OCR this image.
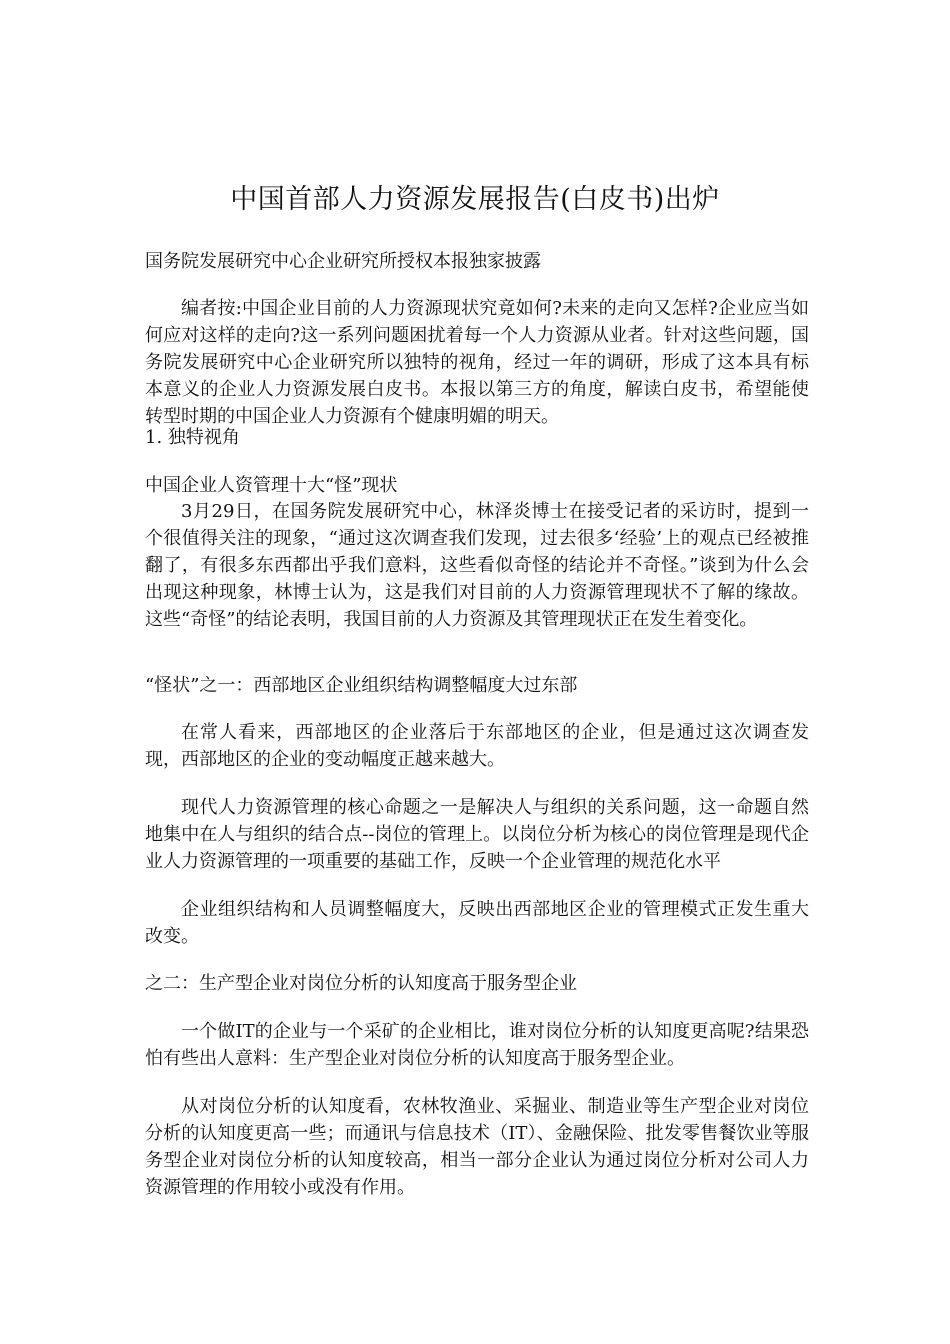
中国首部人力资源发展报告(白皮书)出炉
国务院发展研究中心企业研究所授权本报独家披露
编者按:中国企业目前的人力资源现状究竟如何?未来的走向又怎样?企业应当如何应对这样的走向?这一系列问题困扰着每一个人力资源从业者。针对这些问题，国务院发展研究中心企业研究所以独特的视角，经过一年的调研，形成了这本具有标本意义的企业人力资源发展白皮书。本报以第三方的角度，解读白皮书，希望能使转型时期的中国企业人力资源有个健康明媚的明天。
1. 独特视角
中国企业人资管理十大“怪”现状
3月29日，在国务院发展研究中心，林泽炎博士在接受记者的采访时，提到一个很值得关注的现象，“通过这次调查我们发现，过去很多‘经验’上的观点已经被推翻了，有很多东西都出乎我们意料，这些看似奇怪的结论并不奇怪。”谈到为什么会出现这种现象，林博士认为，这是我们对目前的人力资源管理现状不了解的缘故。这些“奇怪”的结论表明，我国目前的人力资源及其管理现状正在发生着变化。
“怪状”之一：西部地区企业组织结构调整幅度大过东部
在常人看来，西部地区的企业落后于东部地区的企业，但是通过这次调查发现，西部地区的企业的变动幅度正越来越大。
现代人力资源管理的核心命题之一是解决人与组织的关系问题，这一命题自然地集中在人与组织的结合点--岗位的管理上。以岗位分析为核心的岗位管理是现代企业人力资源管理的一项重要的基础工作，反映一个企业管理的规范化水平
企业组织结构和人员调整幅度大，反映出西部地区企业的管理模式正发生重大改变。
之二：生产型企业对岗位分析的认知度高于服务型企业
一个做IT的企业与一个采矿的企业相比，谁对岗位分析的认知度更高呢?结果恐怕有些出人意料：生产型企业对岗位分析的认知度高于服务型企业。
从对岗位分析的认知度看，农林牧渔业、采掘业、制造业等生产型企业对岗位分析的认知度更高一些；而通讯与信息技术（IT）、金融保险、批发零售餐饮业等服务型企业对岗位分析的认知度较高，相当一部分企业认为通过岗位分析对公司人力资源管理的作用较小或没有作用。
